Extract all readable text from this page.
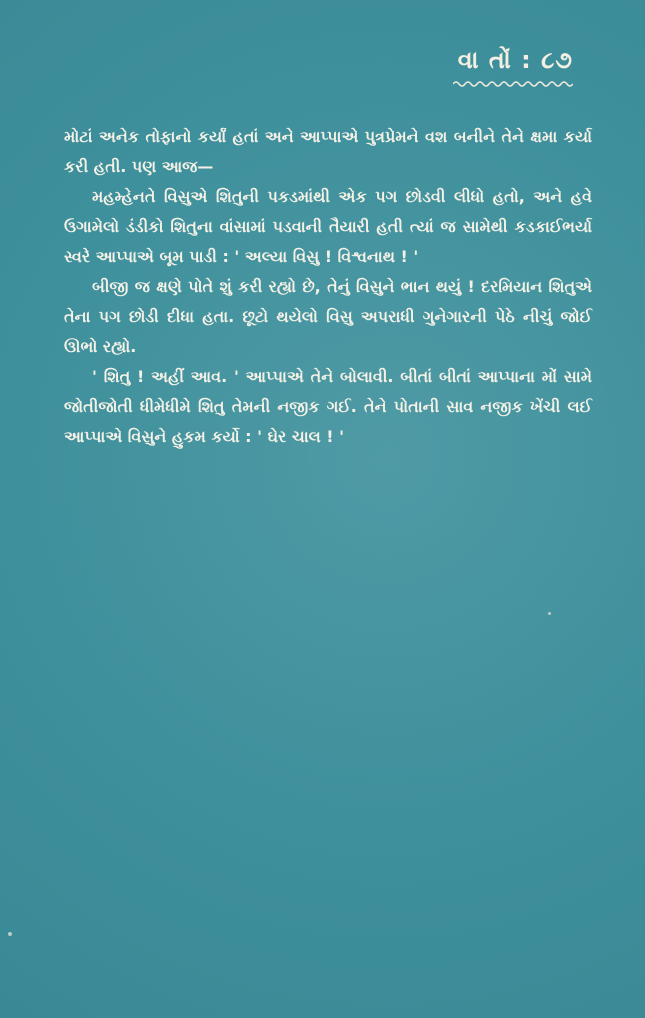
વા તોં : ૮૭

મોટાં અનેક તોફાનો કર્યાં હતાં અને આપ્પાએ પુત્રપ્રેમને વશ બનીને તેને ક્ષમા કર્યા કરી હતી. પણ આજ—

મહમ્હેનતે વિસુએ શિતુની પકડમાંથી એક પગ છોડવી લીધો હતો, અને હવે ઉગામેલો ડંડીકો શિતુના વાંસામાં પડવાની તૈયારી હતી ત્યાં જ સામેથી કડકાઈભર્યા સ્વરે આપ્પાએ બૂમ પાડી : ' અલ્યા વિસુ ! વિશ્વનાથ ! '

બીજી જ ક્ષણે પોતે શું કરી રહ્યો છે, તેનું વિસુને ભાન થયું ! દરમિયાન શિતુએ તેના પગ છોડી દીધા હતા. છૂટો થયેલો વિસુ અપરાધી ગુનેગારની પેઠે નીચું જોઈ ઊભો રહ્યો.

' શિતુ ! અહીં આવ. ' આપ્પાએ તેને બોલાવી. બીતાં બીતાં આપ્પાના મોં સામે જોતીજોતી ધીમેધીમે શિતુ તેમની નજીક ગઈ. તેને પોતાની સાવ નજીક ખેંચી લઈ આપ્પાએ વિસુને હુકમ કર્યો : ' ઘેર ચાલ ! '
